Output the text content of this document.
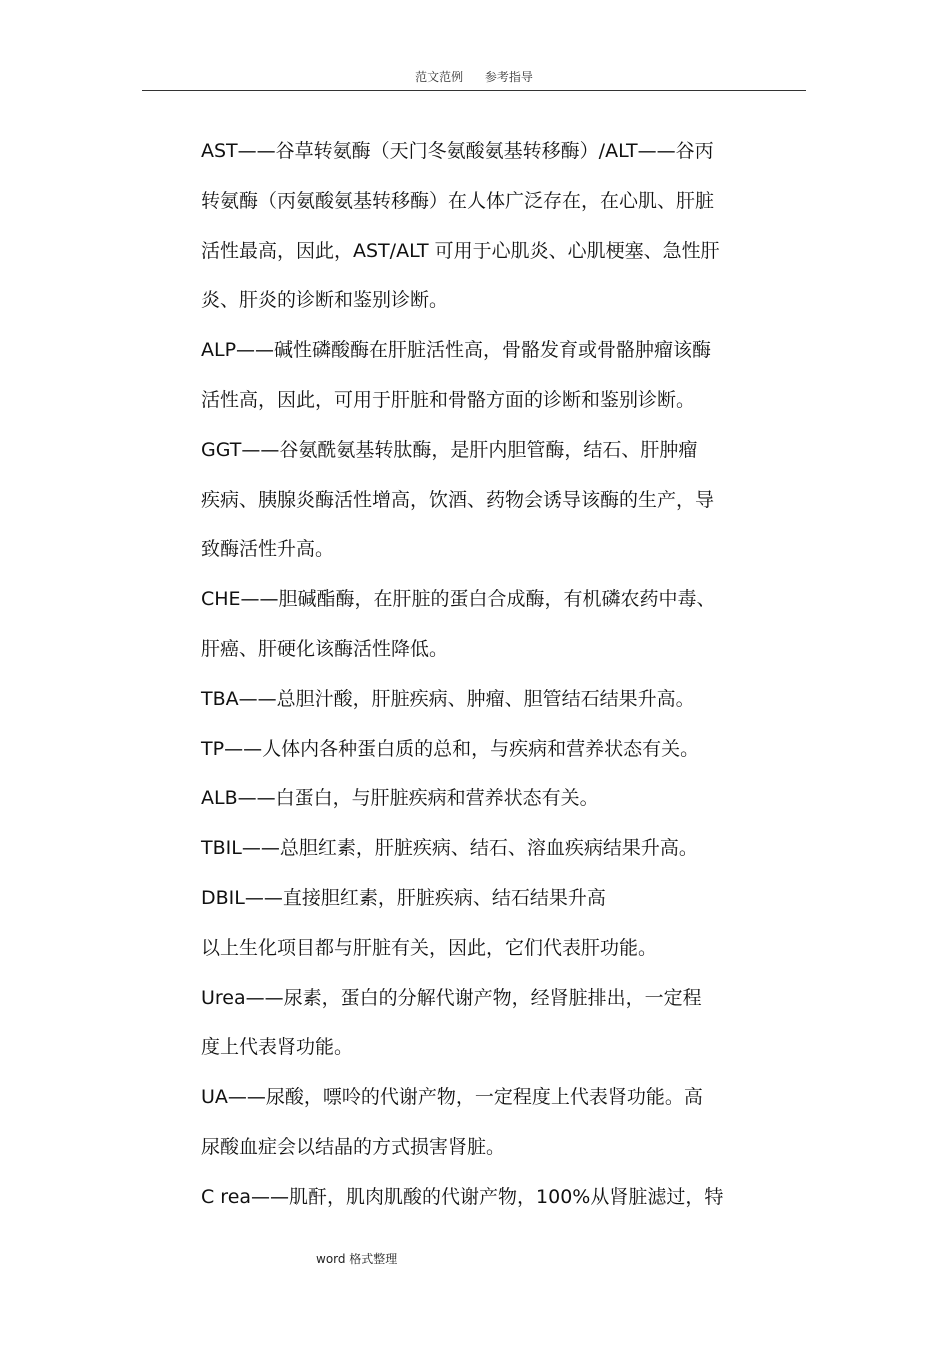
范文范例 参考指导

AST——谷草转氨酶（天门冬氨酸氨基转移酶）/ALT——谷丙

转氨酶（丙氨酸氨基转移酶）在人体广泛存在，在心肌、肝脏

活性最高，因此，AST/ALT 可用于心肌炎、心肌梗塞、急性肝

炎、肝炎的诊断和鉴别诊断。

ALP——碱性磷酸酶在肝脏活性高，骨骼发育或骨骼肿瘤该酶

活性高，因此，可用于肝脏和骨骼方面的诊断和鉴别诊断。

GGT——谷氨酰氨基转肽酶，是肝内胆管酶，结石、肝肿瘤

疾病、胰腺炎酶活性增高，饮酒、药物会诱导该酶的生产，导

致酶活性升高。

CHE——胆碱酯酶，在肝脏的蛋白合成酶，有机磷农药中毒、

肝癌、肝硬化该酶活性降低。

TBA——总胆汁酸，肝脏疾病、肿瘤、胆管结石结果升高。

TP——人体内各种蛋白质的总和，与疾病和营养状态有关。

ALB——白蛋白，与肝脏疾病和营养状态有关。

TBIL——总胆红素，肝脏疾病、结石、溶血疾病结果升高。

DBIL——直接胆红素，肝脏疾病、结石结果升高

以上生化项目都与肝脏有关，因此，它们代表肝功能。

Urea——尿素，蛋白的分解代谢产物，经肾脏排出，一定程

度上代表肾功能。

UA——尿酸，嘌呤的代谢产物，一定程度上代表肾功能。高

尿酸血症会以结晶的方式损害肾脏。

C rea——肌酐，肌肉肌酸的代谢产物，100%从肾脏滤过，特

word 格式整理
